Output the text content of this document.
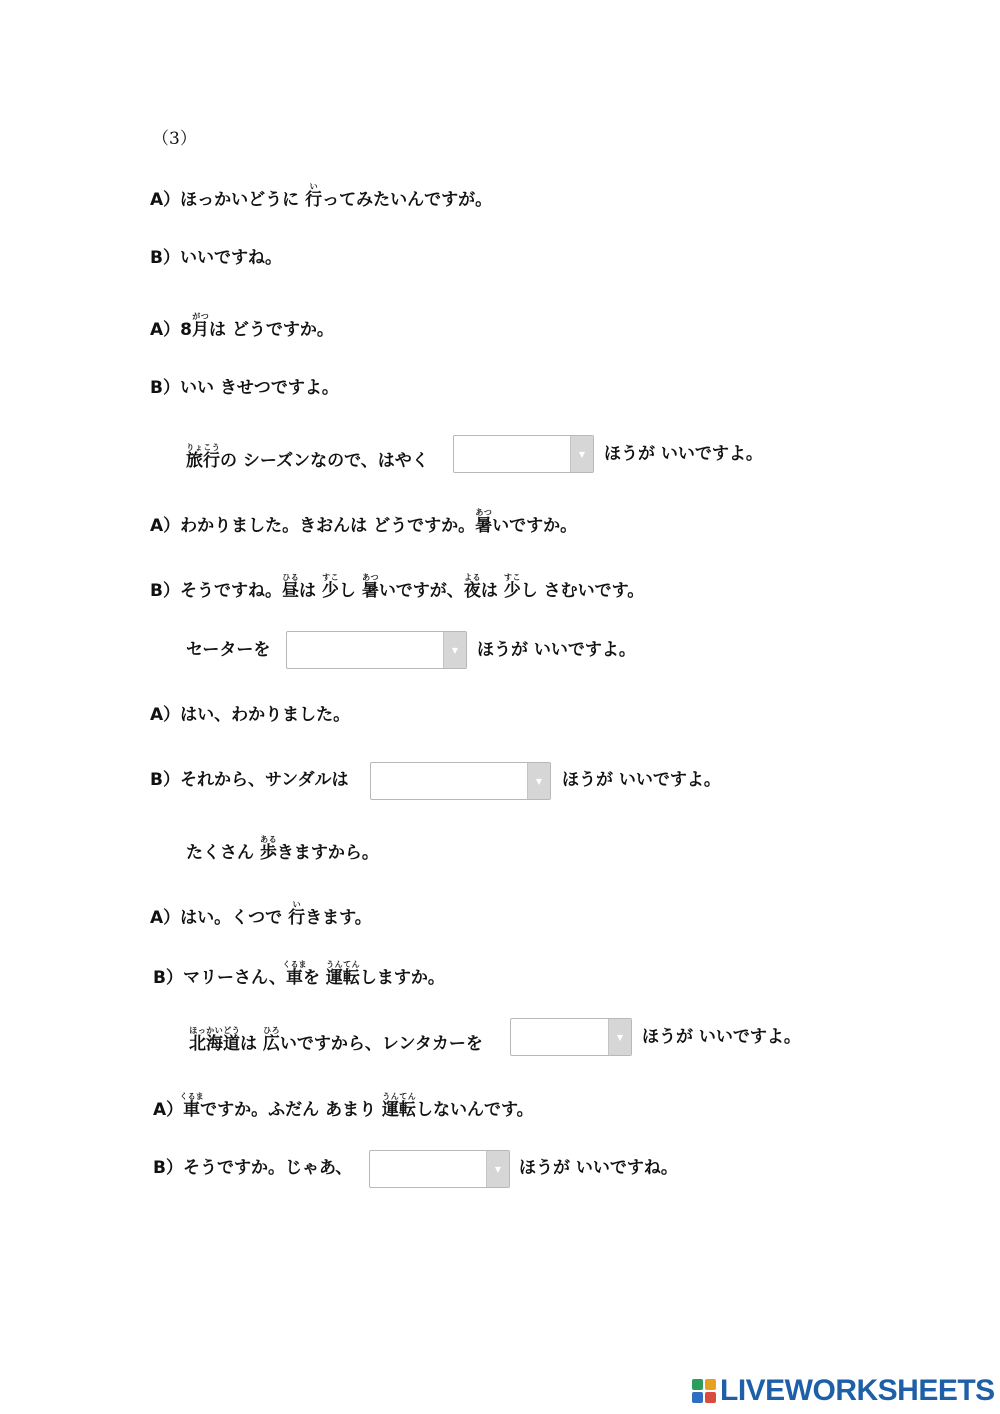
（3）
A）ほっかいどうに 行いってみたいんですが。
B）いいですね。
A）8月がつは どうですか。
B）いい きせつですよ。
旅行りょこうの シーズンなので、はやく	▼ ほうが いいですよ。
A）わかりました。きおんは どうですか。暑あついですか。
B）そうですね。昼ひるは 少すこし 暑あついですが、夜よるは 少すこし さむいです。
セーターを	▼ ほうが いいですよ。
A）はい、わかりました。
B）それから、サンダルは	▼ ほうが いいですよ。
たくさん 歩あるきますから。
A）はい。くつで 行いきます。
B）マリーさん、車くるまを 運転うんてんしますか。
北海道ほっかいどうは 広ひろいですから、レンタカーを	▼ ほうが いいですよ。
A）車くるまですか。ふだん あまり 運転うんてんしないんです。
B）そうですか。じゃあ、	▼ ほうが いいですね。
LIVEWORKSHEETS
